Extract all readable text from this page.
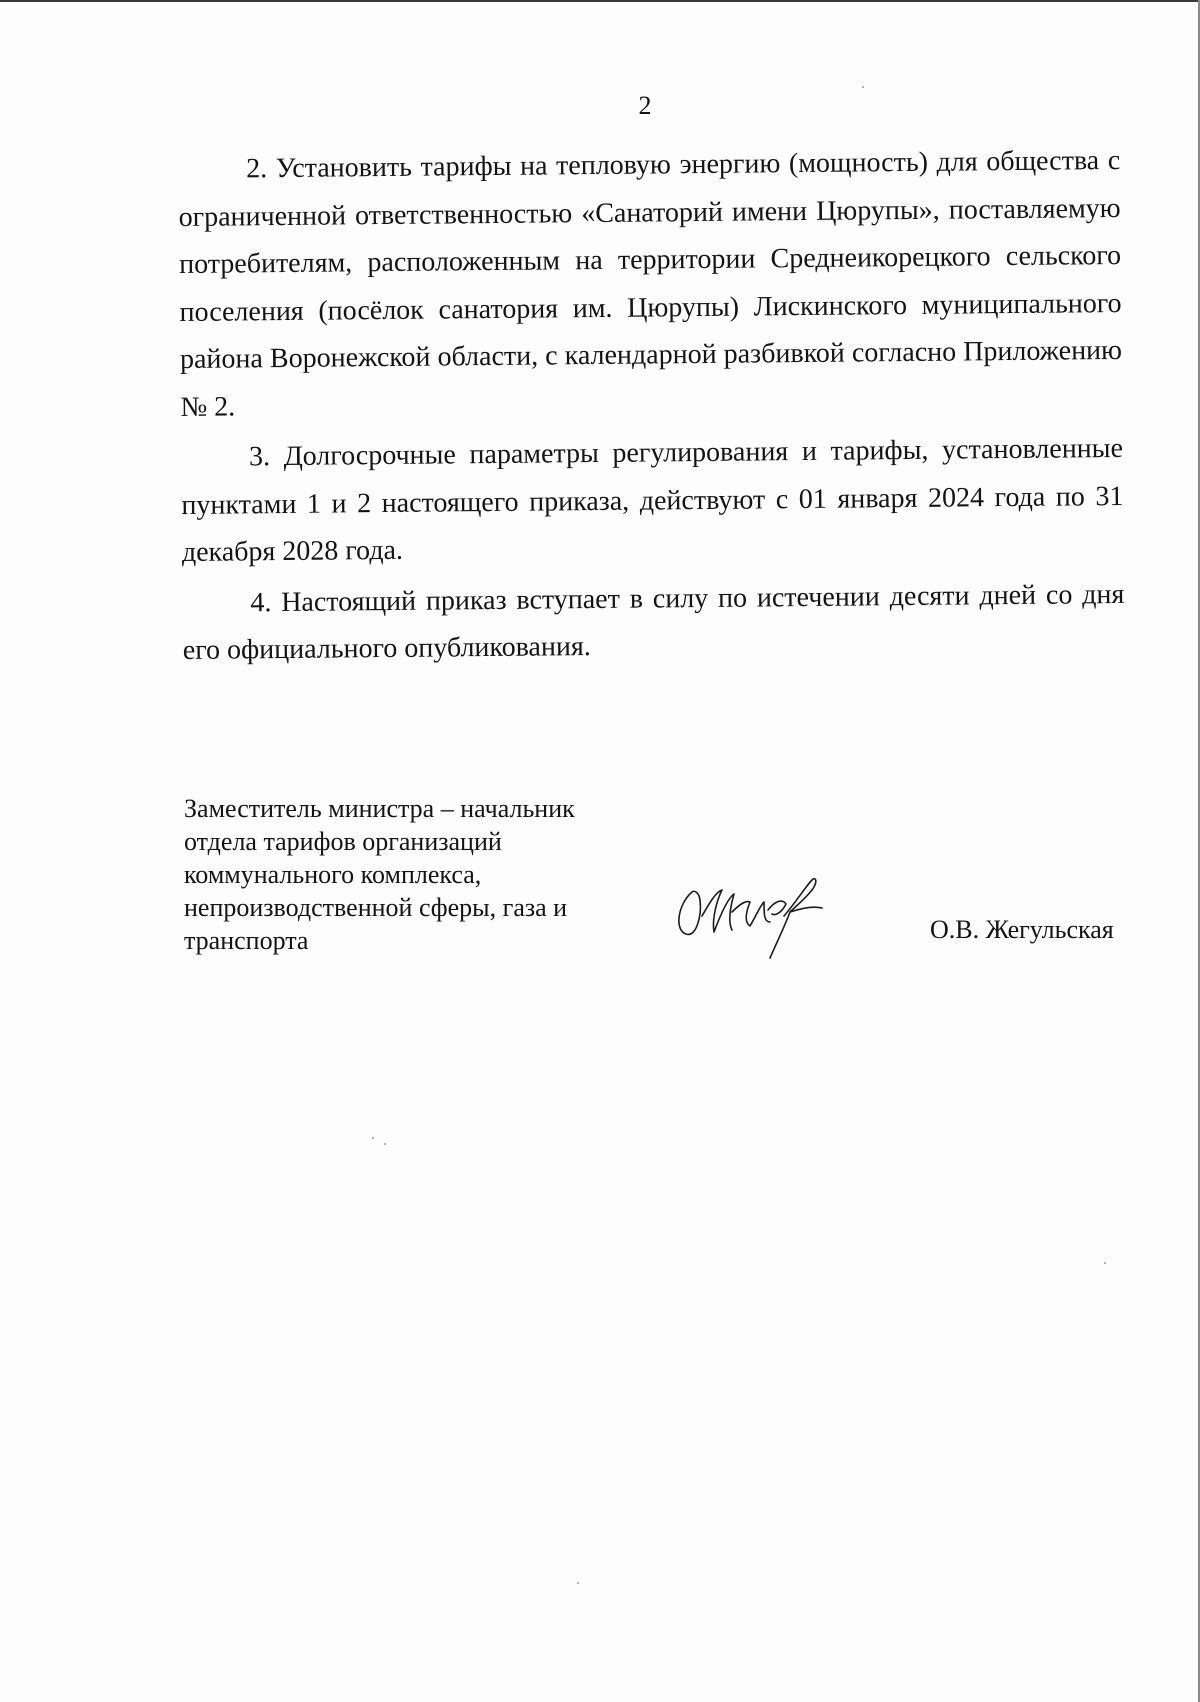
2

2. Установить тарифы на тепловую энергию (мощность) для общества с ограниченной ответственностью «Санаторий имени Цюрупы», поставляемую потребителям, расположенным на территории Среднеикорецкого сельского поселения (посёлок санатория им. Цюрупы) Лискинского муниципального района Воронежской области, с календарной разбивкой согласно Приложению № 2.

3. Долгосрочные параметры регулирования и тарифы, установленные пунктами 1 и 2 настоящего приказа, действуют с 01 января 2024 года по 31 декабря 2028 года.

4. Настоящий приказ вступает в силу по истечении десяти дней со дня его официального опубликования.

Заместитель министра – начальник
отдела тарифов организаций
коммунального комплекса,
непроизводственной сферы, газа и
транспорта	О.В. Жегульская
